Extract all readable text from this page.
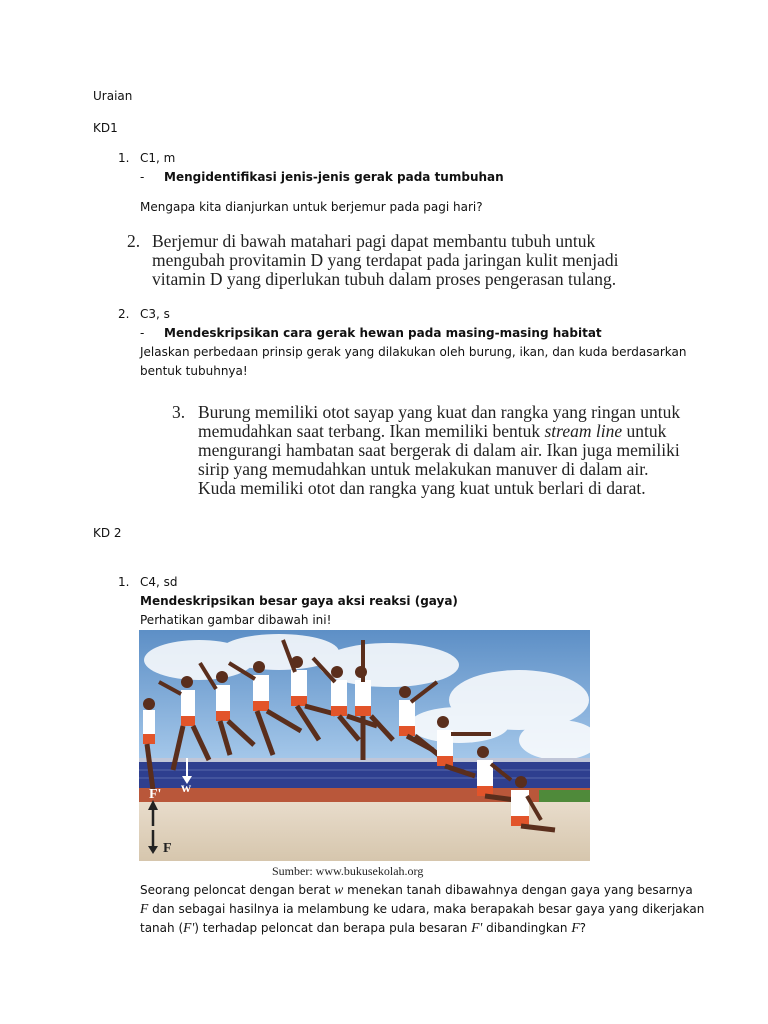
Uraian
KD1
1. C1, m
- Mengidentifikasi jenis-jenis gerak pada tumbuhan
Mengapa kita dianjurkan untuk berjemur pada pagi hari?
2. Berjemur di bawah matahari pagi dapat membantu tubuh untuk
mengubah provitamin D yang terdapat pada jaringan kulit menjadi
vitamin D yang diperlukan tubuh dalam proses pengerasan tulang.
2. C3, s
- Mendeskripsikan cara gerak hewan pada masing-masing habitat
Jelaskan perbedaan prinsip gerak yang dilakukan oleh burung, ikan, dan kuda berdasarkan
bentuk tubuhnya!
3. Burung memiliki otot sayap yang kuat dan rangka yang ringan untuk
memudahkan saat terbang. Ikan memiliki bentuk stream line untuk
mengurangi hambatan saat bergerak di dalam air. Ikan juga memiliki
sirip yang memudahkan untuk melakukan manuver di dalam air.
Kuda memiliki otot dan rangka yang kuat untuk berlari di darat.
KD 2
1. C4, sd
Mendeskripsikan besar gaya aksi reaksi (gaya)
Perhatikan gambar dibawah ini!
F' w
F
Sumber: www.bukusekolah.org
Seorang peloncat dengan berat w menekan tanah dibawahnya dengan gaya yang besarnya
F dan sebagai hasilnya ia melambung ke udara, maka berapakah besar gaya yang dikerjakan
tanah (F') terhadap peloncat dan berapa pula besaran F' dibandingkan F?
